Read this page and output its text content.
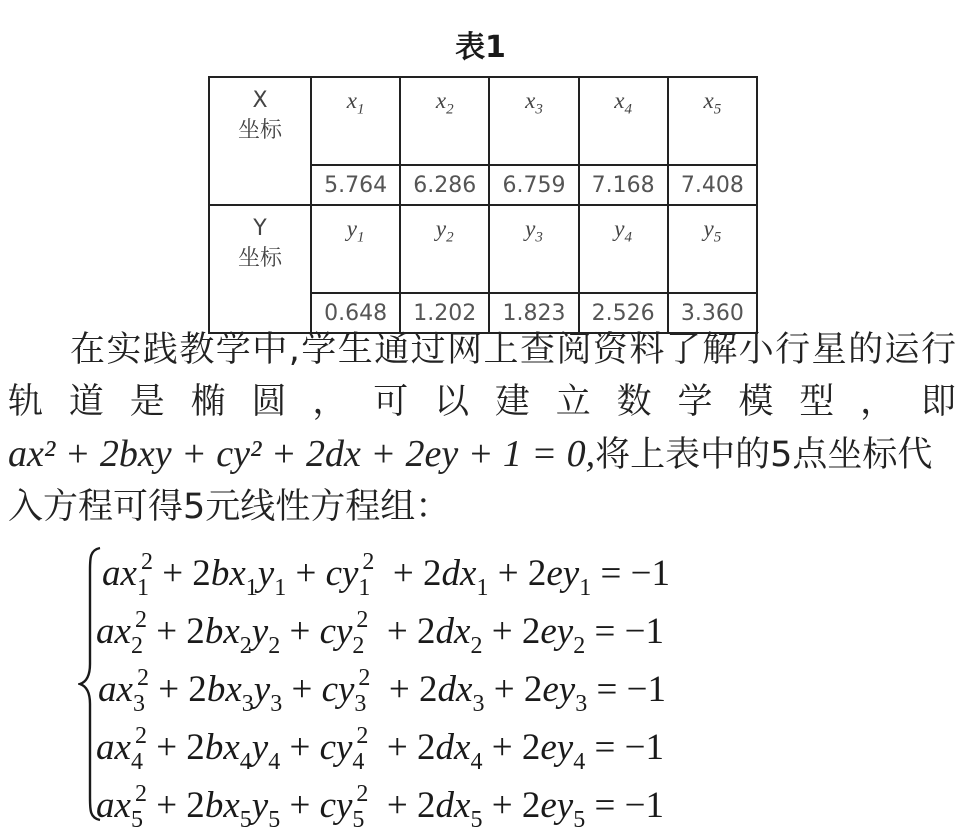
表1
X
坐标	$x_1$	$x_2$	$x_3$	$x_4$	$x_5$
	5.764	6.286	6.759	7.168	7.408
Y
坐标	$y_1$	$y_2$	$y_3$	$y_4$	$y_5$
	0.648	1.202	1.823	2.526	3.360
在实践教学中,学生通过网上查阅资料了解小行星的运行
轨 道 是 椭 圆 ， 可 以 建 立 数 学 模 型 ， 即
ax² + 2bxy + cy² + 2dx + 2ey + 1 = 0,将上表中的5点坐标代
入方程可得5元线性方程组：
$ax_1^2 + 2bx_1y_1 + cy_1^2 + 2dx_1 + 2ey_1 = -1$
$ax_2^2 + 2bx_2y_2 + cy_2^2 + 2dx_2 + 2ey_2 = -1$
$ax_3^2 + 2bx_3y_3 + cy_3^2 + 2dx_3 + 2ey_3 = -1$
$ax_4^2 + 2bx_4y_4 + cy_4^2 + 2dx_4 + 2ey_4 = -1$
$ax_5^2 + 2bx_5y_5 + cy_5^2 + 2dx_5 + 2ey_5 = -1$
